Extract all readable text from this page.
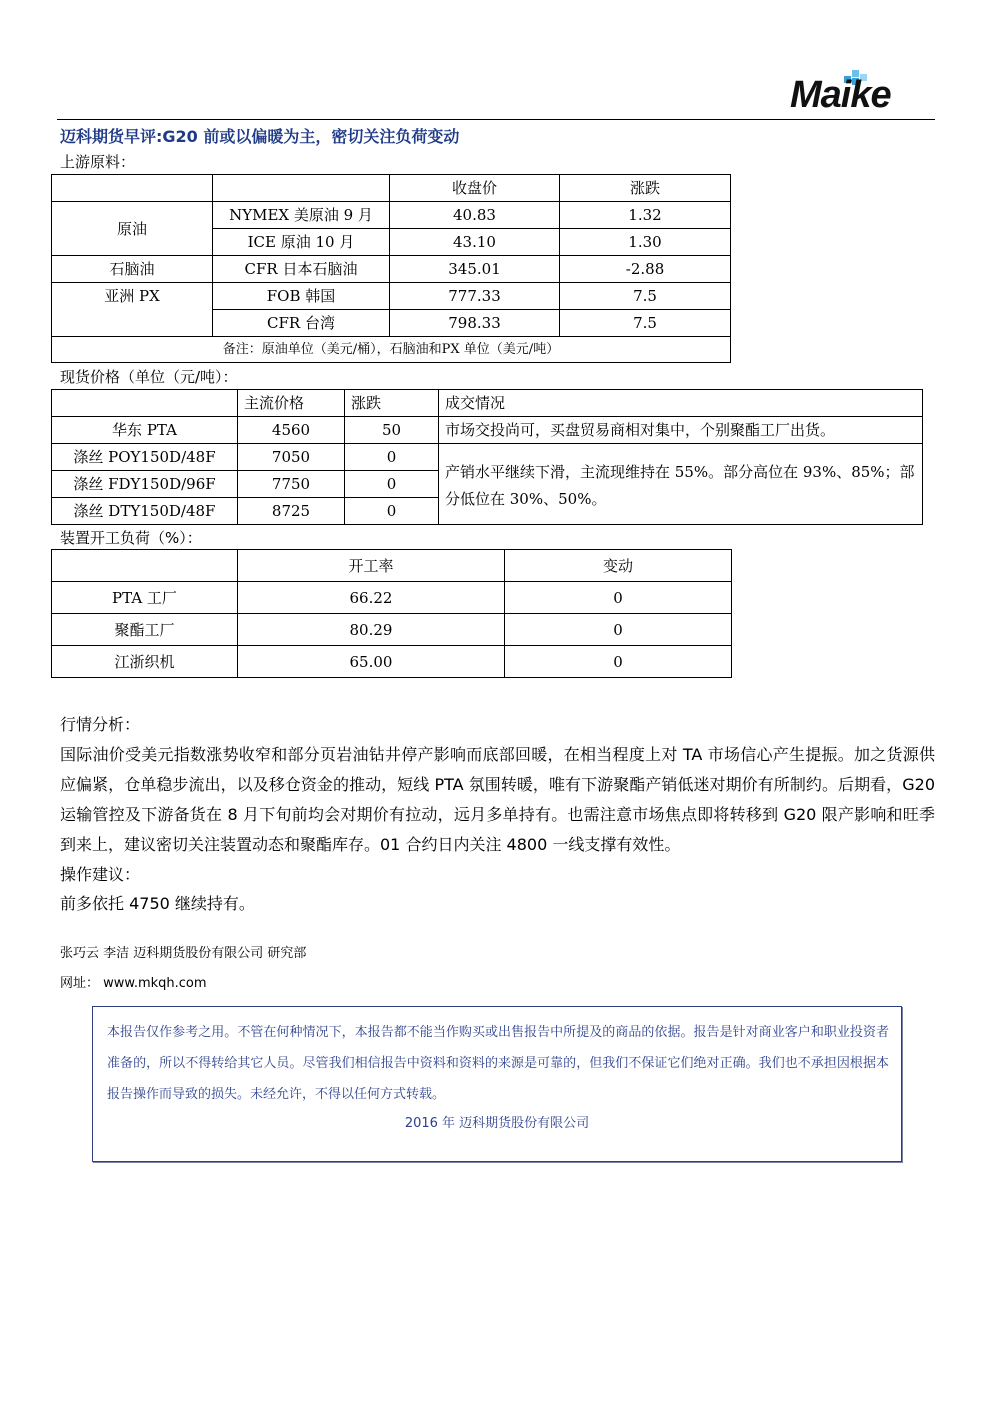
Maike
迈科期货早评:G20 前或以偏暖为主，密切关注负荷变动
上游原料：
		收盘价	涨跌
原油	NYMEX 美原油 9 月	40.83	1.32
	ICE 原油 10 月	43.10	1.30
石脑油	CFR 日本石脑油	345.01	-2.88
亚洲 PX	FOB 韩国	777.33	7.5
	CFR 台湾	798.33	7.5
备注：原油单位（美元/桶），石脑油和PX 单位（美元/吨）			
现货价格（单位（元/吨）：
	主流价格	涨跌	成交情况
华东 PTA	4560	50	市场交投尚可，买盘贸易商相对集中，个别聚酯工厂出货。
涤丝 POY150D/48F	7050	0	产销水平继续下滑，主流现维持在 55%。部分高位在 93%、85%；部分低位在 30%、50%。
涤丝 FDY150D/96F	7750	0	
涤丝 DTY150D/48F	8725	0	
装置开工负荷（%）：
	开工率	变动
PTA 工厂	66.22	0
聚酯工厂	80.29	0
江浙织机	65.00	0
行情分析：
国际油价受美元指数涨势收窄和部分页岩油钻井停产影响而底部回暖，在相当程度上对 TA 市场信心产生提振。加之货源供应偏紧，仓单稳步流出，以及移仓资金的推动，短线 PTA 氛围转暖，唯有下游聚酯产销低迷对期价有所制约。后期看，G20 运输管控及下游备货在 8 月下旬前均会对期价有拉动，远月多单持有。也需注意市场焦点即将转移到 G20 限产影响和旺季到来上，建议密切关注装置动态和聚酯库存。01 合约日内关注 4800 一线支撑有效性。
操作建议：
前多依托 4750 继续持有。
张巧云 李洁 迈科期货股份有限公司 研究部
网址： www.mkqh.com

本报告仅作参考之用。不管在何种情况下，本报告都不能当作购买或出售报告中所提及的商品的依据。报告是针对商业客户和职业投资者准备的，所以不得转给其它人员。尽管我们相信报告中资料和资料的来源是可靠的，但我们不保证它们绝对正确。我们也不承担因根据本报告操作而导致的损失。未经允许，不得以任何方式转载。

2016 年 迈科期货股份有限公司
